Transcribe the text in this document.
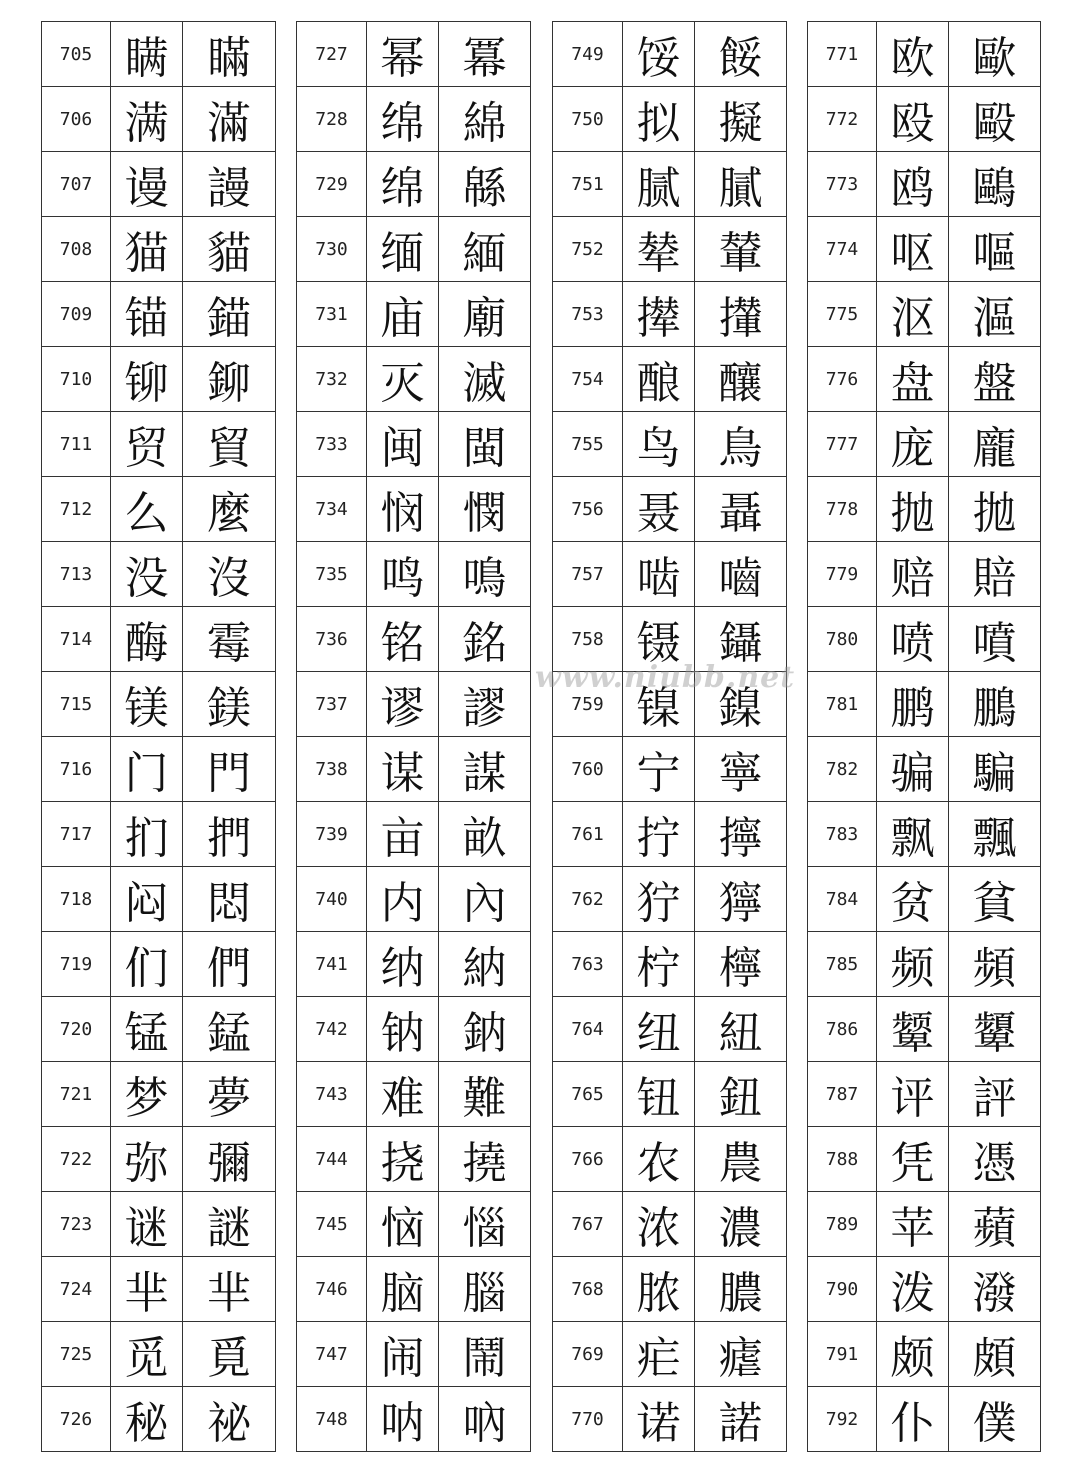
705	瞒	瞞
706	满	滿
707	谩	謾
708	猫	貓
709	锚	錨
710	铆	鉚
711	贸	貿
712	么	麼
713	没	沒
714	酶	霉
715	镁	鎂
716	门	門
717	扪	捫
718	闷	悶
719	们	們
720	锰	錳
721	梦	夢
722	弥	彌
723	谜	謎
724	芈	芈
725	觅	覓
726	秘	祕
727	幂	冪
728	绵	綿
729	绵	緜
730	缅	緬
731	庙	廟
732	灭	滅
733	闽	閩
734	悯	憫
735	鸣	鳴
736	铭	銘
737	谬	謬
738	谋	謀
739	亩	畝
740	内	內
741	纳	納
742	钠	鈉
743	难	難
744	挠	撓
745	恼	惱
746	脑	腦
747	闹	鬧
748	呐	吶
749	馁	餒
750	拟	擬
751	腻	膩
752	辇	輦
753	撵	攆
754	酿	釀
755	鸟	鳥
756	聂	聶
757	啮	嚙
758	镊	鑷
759	镍	鎳
760	宁	寧
761	拧	擰
762	狞	獰
763	柠	檸
764	纽	紐
765	钮	鈕
766	农	農
767	浓	濃
768	脓	膿
769	疟	瘧
770	诺	諾
771	欧	歐
772	殴	毆
773	鸥	鷗
774	呕	嘔
775	沤	漚
776	盘	盤
777	庞	龐
778	抛	拋
779	赔	賠
780	喷	噴
781	鹏	鵬
782	骗	騙
783	飘	飄
784	贫	貧
785	频	頻
786	颦	顰
787	评	評
788	凭	憑
789	苹	蘋
790	泼	潑
791	颇	頗
792	仆	僕
www.niubb.net
